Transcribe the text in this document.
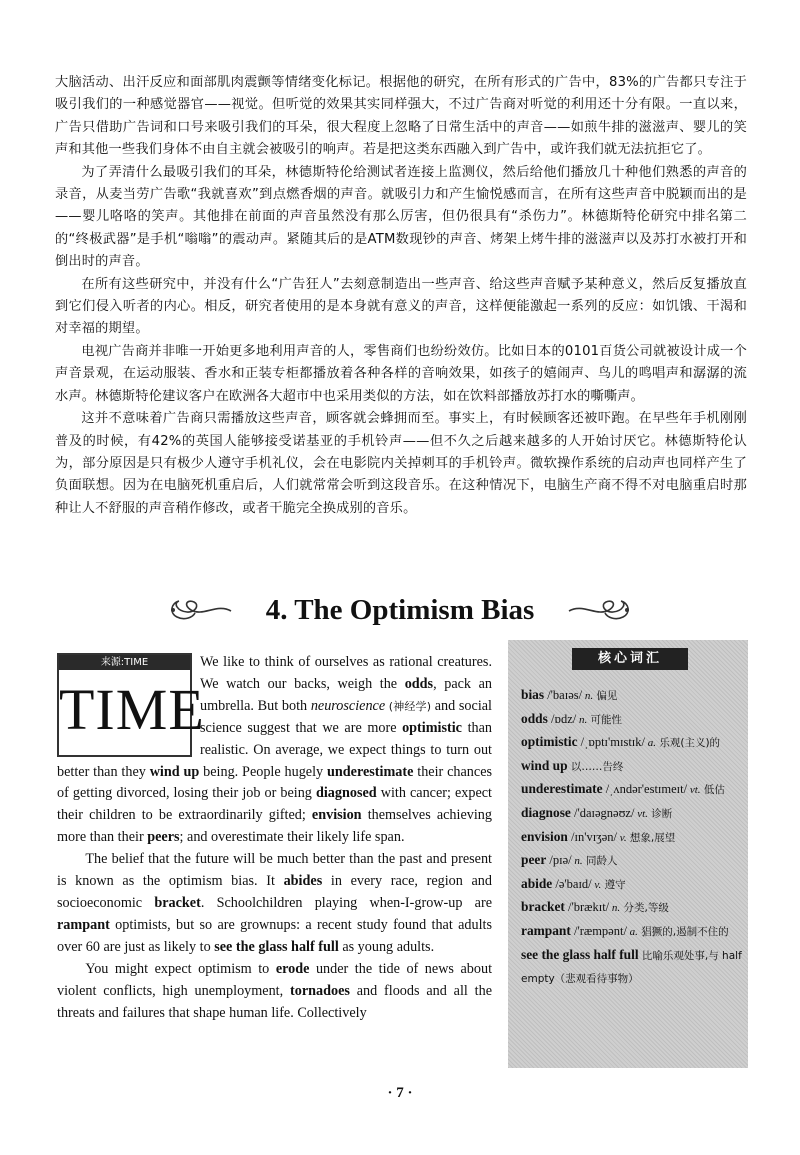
大脑活动、出汗反应和面部肌肉震颤等情绪变化标记。根据他的研究，在所有形式的广告中，83%的广告都只专注于吸引我们的一种感觉器官——视觉。但听觉的效果其实同样强大，不过广告商对听觉的利用还十分有限。一直以来，广告只借助广告词和口号来吸引我们的耳朵，很大程度上忽略了日常生活中的声音——如煎牛排的滋滋声、婴儿的笑声和其他一些我们身体不由自主就会被吸引的响声。若是把这类东西融入到广告中，或许我们就无法抗拒它了。

为了弄清什么最吸引我们的耳朵，林德斯特伦给测试者连接上监测仪，然后给他们播放几十种他们熟悉的声音的录音，从麦当劳广告歌“我就喜欢”到点燃香烟的声音。就吸引力和产生愉悦感而言，在所有这些声音中脱颖而出的是——婴儿咯咯的笑声。其他排在前面的声音虽然没有那么厉害，但仍很具有“杀伤力”。林德斯特伦研究中排名第二的“终极武器”是手机“嗡嗡”的震动声。紧随其后的是ATM数现钞的声音、烤架上烤牛排的滋滋声以及苏打水被打开和倒出时的声音。

在所有这些研究中，并没有什么“广告狂人”去刻意制造出一些声音、给这些声音赋予某种意义，然后反复播放直到它们侵入听者的内心。相反，研究者使用的是本身就有意义的声音，这样便能激起一系列的反应：如饥饿、干渴和对幸福的期望。

电视广告商并非唯一开始更多地利用声音的人，零售商们也纷纷效仿。比如日本的0101百货公司就被设计成一个声音景观，在运动服装、香水和正装专柜都播放着各种各样的音响效果，如孩子的嬉闹声、鸟儿的鸣唱声和潺潺的流水声。林德斯特伦建议客户在欧洲各大超市中也采用类似的方法，如在饮料部播放苏打水的嘶嘶声。

这并不意味着广告商只需播放这些声音，顾客就会蜂拥而至。事实上，有时候顾客还被吓跑。在早些年手机刚刚普及的时候，有42%的英国人能够接受诺基亚的手机铃声——但不久之后越来越多的人开始讨厌它。林德斯特伦认为，部分原因是只有极少人遵守手机礼仪，会在电影院内关掉刺耳的手机铃声。微软操作系统的启动声也同样产生了负面联想。因为在电脑死机重启后，人们就常常会听到这段音乐。在这种情况下，电脑生产商不得不对电脑重启时那种让人不舒服的声音稍作修改，或者干脆完全换成别的音乐。

4. The Optimism Bias
来源:TIME
TIME

We like to think of ourselves as rational creatures. We watch our backs, weigh the odds, pack an umbrella. But both neuroscience (神经学) and social science suggest that we are more optimistic than realistic. On average, we expect things to turn out better than they wind up being. People hugely underestimate their chances of getting divorced, losing their job or being diagnosed with cancer; expect their children to be extraordinarily gifted; envision themselves achieving more than their peers; and overestimate their likely life span.

The belief that the future will be much better than the past and present is known as the optimism bias. It abides in every race, region and socioeconomic bracket. Schoolchildren playing when-I-grow-up are rampant optimists, but so are grownups: a recent study found that adults over 60 are just as likely to see the glass half full as young adults.

You might expect optimism to erode under the tide of news about violent conflicts, high unemployment, tornadoes and floods and all the threats and failures that shape human life. Collectively

核心词汇
bias /'baɪəs/ n. 偏见
odds /ɒdz/ n. 可能性
optimistic /ˌɒptɪ'mɪstɪk/ a. 乐观(主义)的
wind up 以……告终
underestimate /ˌʌndər'estɪmeɪt/ vt. 低估
diagnose /'daɪəgnəʊz/ vt. 诊断
envision /ɪn'vɪʒən/ v. 想象,展望
peer /pɪə/ n. 同龄人
abide /ə'baɪd/ v. 遵守
bracket /'brækɪt/ n. 分类,等级
rampant /'ræmpənt/ a. 猖獗的,遏制不住的
see the glass half full 比喻乐观处事,与 half empty（悲观看待事物）
· 7 ·
